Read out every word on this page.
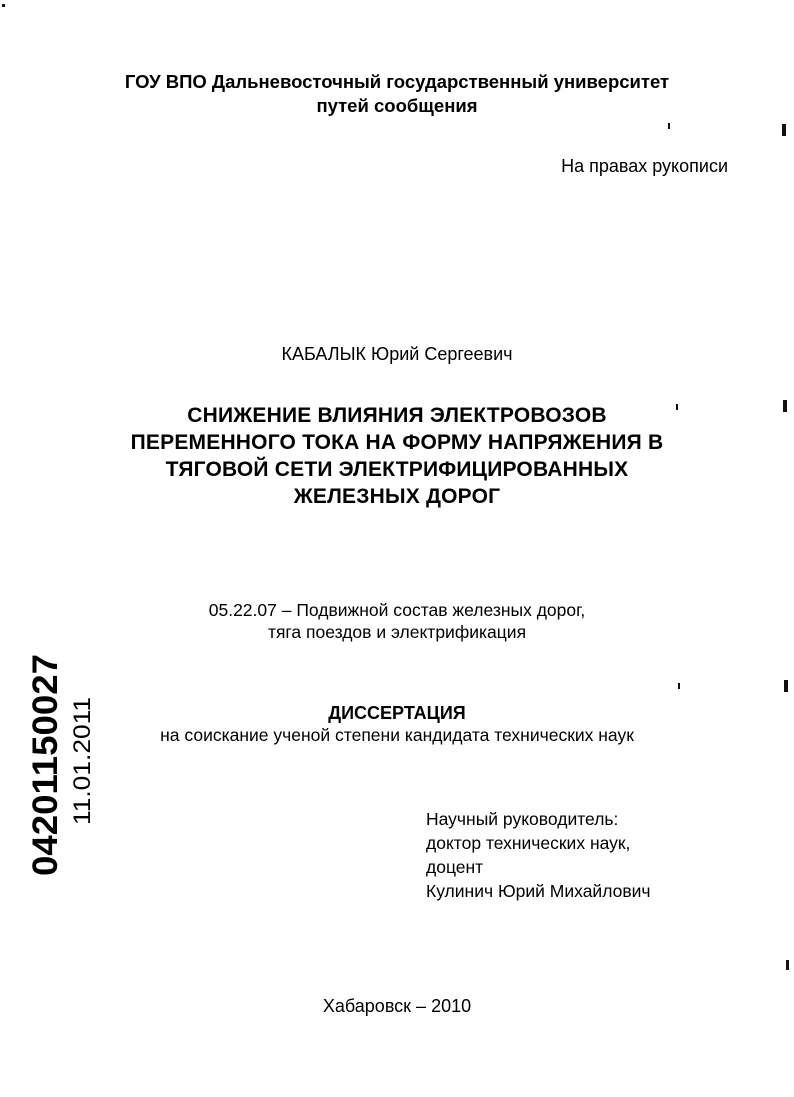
ГОУ ВПО Дальневосточный государственный университет
путей сообщения
На правах рукописи
КАБАЛЫК Юрий Сергеевич
СНИЖЕНИЕ ВЛИЯНИЯ ЭЛЕКТРОВОЗОВ
ПЕРЕМЕННОГО ТОКА НА ФОРМУ НАПРЯЖЕНИЯ В
ТЯГОВОЙ СЕТИ ЭЛЕКТРИФИЦИРОВАННЫХ
ЖЕЛЕЗНЫХ ДОРОГ
05.22.07 – Подвижной состав железных дорог,
тяга поездов и электрификация
ДИССЕРТАЦИЯ
на соискание ученой степени кандидата технических наук
Научный руководитель:
доктор технических наук,
доцент
Кулинич Юрий Михайлович
Хабаровск – 2010
04201150027 11.01.2011
